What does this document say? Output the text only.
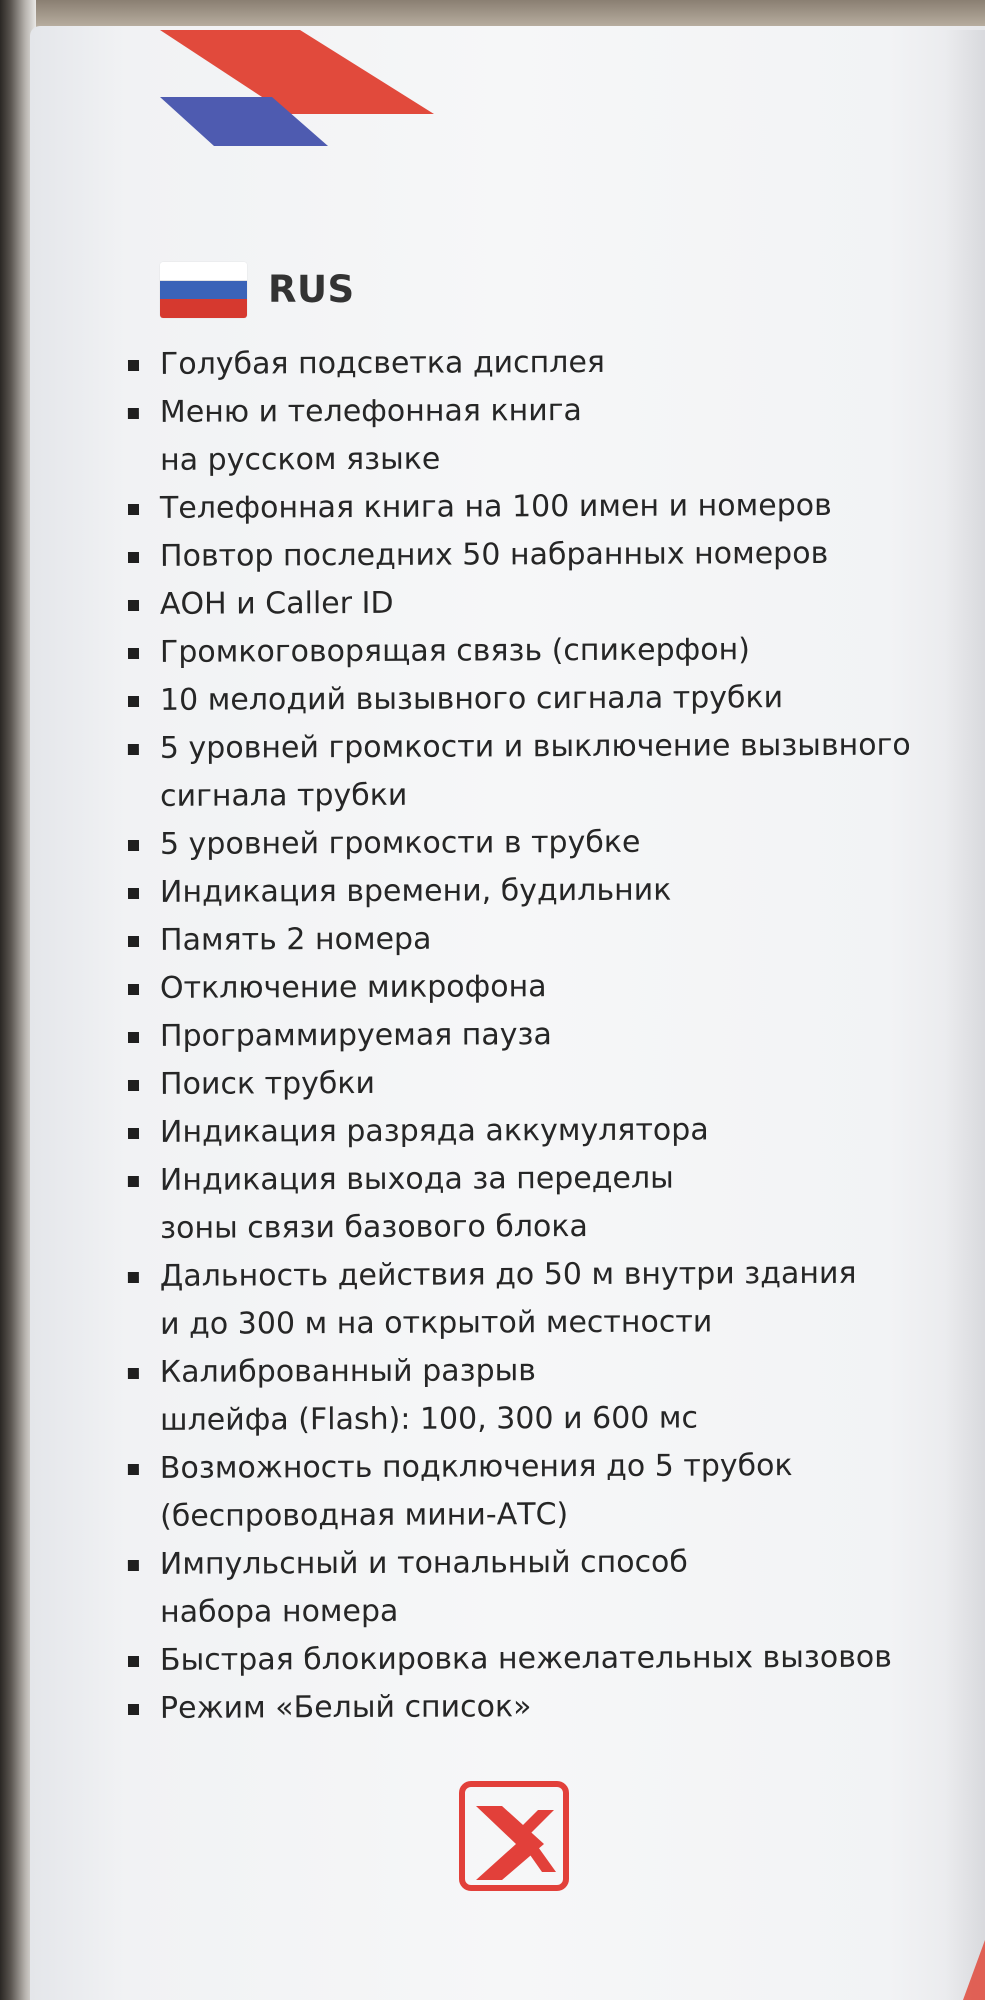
RUS
Голубая подсветка дисплея
Меню и телефонная книга
на русском языке
Телефонная книга на 100 имен и номеров
Повтор последних 50 набранных номеров
АОН и Caller ID
Громкоговорящая связь (спикерфон)
10 мелодий вызывного сигнала трубки
5 уровней громкости и выключение вызывного
сигнала трубки
5 уровней громкости в трубке
Индикация времени, будильник
Память 2 номера
Отключение микрофона
Программируемая пауза
Поиск трубки
Индикация разряда аккумулятора
Индикация выхода за переделы
зоны связи базового блока
Дальность действия до 50 м внутри здания
и до 300 м на открытой местности
Калиброванный разрыв
шлейфа (Flash): 100, 300 и 600 мс
Возможность подключения до 5 трубок
(беспроводная мини-АТС)
Импульсный и тональный способ
набора номера
Быстрая блокировка нежелательных вызовов
Режим «Белый список»
